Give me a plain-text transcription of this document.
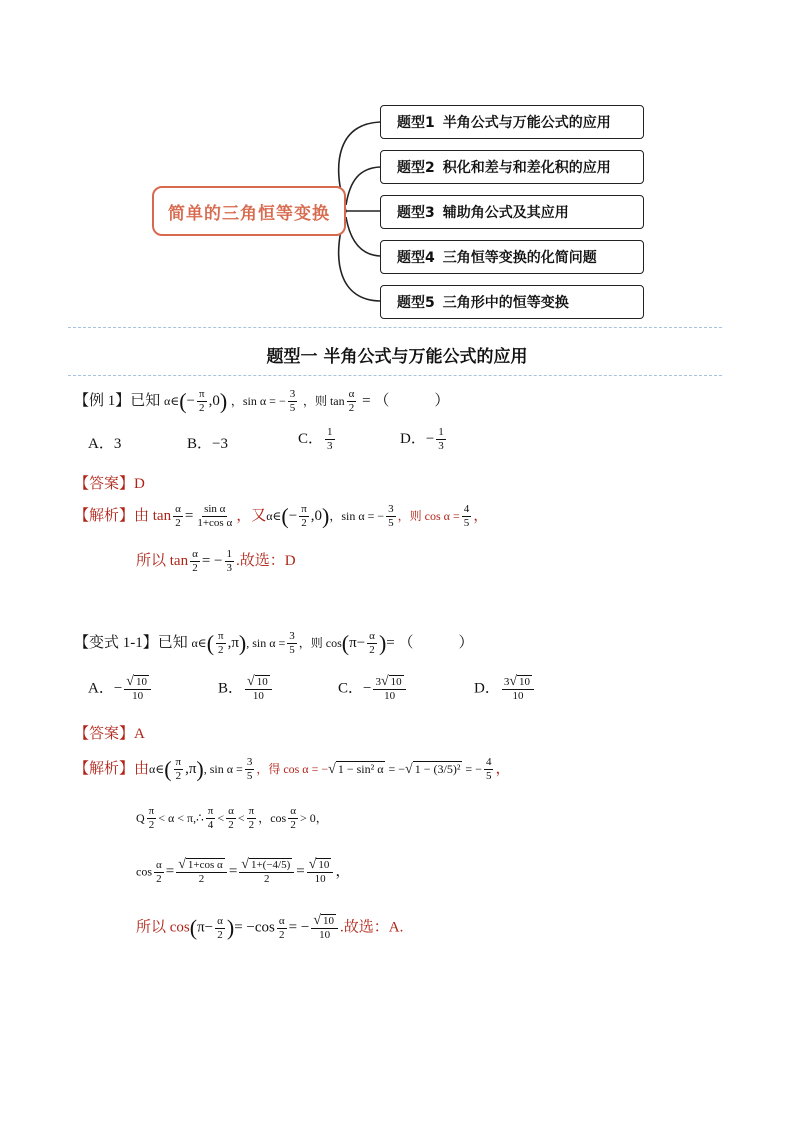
简单的三角恒等变换
题型1 半角公式与万能公式的应用
题型2 积化和差与和差化积的应用
题型3 辅助角公式及其应用
题型4 三角恒等变换的化简问题
题型5 三角形中的恒等变换
题型一 半角公式与万能公式的应用
【例 1】已知 α∈(− $\frac{\pi}{2} ,0$) ，sin α = − $\frac{3}{5}$ ，则 $\tan \frac{\alpha}{2}$ = （　　　）
A．3	B．−3	C． $\frac{1}{3}$	D．− $\frac{1}{3}$
【答案】D
【解析】由 $\tan \frac{\alpha}{2} = \frac{\text{sin α}}{\text{1+cos α}}$ ，又α∈(− $\frac{\pi}{2} ,0$)，sin α = − $\frac{3}{5}$ ，则 $\cos \alpha = \frac{4}{5}$ ，
所以 $\tan \frac{\alpha}{2}$ = − $\frac{1}{3}$ .故选：D
【变式 1-1】已知 α∈( $\frac{\pi}{2} ,\pi$), $\sin \alpha = \frac{3}{5}$ ，则 $\cos(\pi- \frac{\alpha}{2}$ )= （　　　）
A．− $\frac{√ 10}{10}$	B． $\frac{√ 10}{10}$	C．− $\frac{3√ 10}{10}$	D． $\frac{3√ 10}{10}$
【答案】A
【解析】由α∈( $\frac{\pi}{2} ,\pi$), $\sin \alpha = \frac{3}{5}$ ，得 cos α = −√ 1 − sin² α = −√ 1 − (3/5)² = − $\frac{4}{5}$ ，
Q $\frac{\pi}{2} < \alpha$ < π,∴ $\frac{\pi}{4} < \frac{\alpha}{2} < \frac{\pi}{2}$ ，$\cos \frac{\alpha}{2} > 0$，
$\cos \frac{\alpha}{2} = \frac{\text{√ 1+cos α}}{2} = \frac{√ 1+(-4/5)}{2} = \frac{√ 10}{10}$ ，
所以 $\cos(\pi- \frac{\alpha}{2}$ )= $-\cos \frac{\alpha}{2}$ = − $\frac{√ 10}{10}$ .故选：A.
